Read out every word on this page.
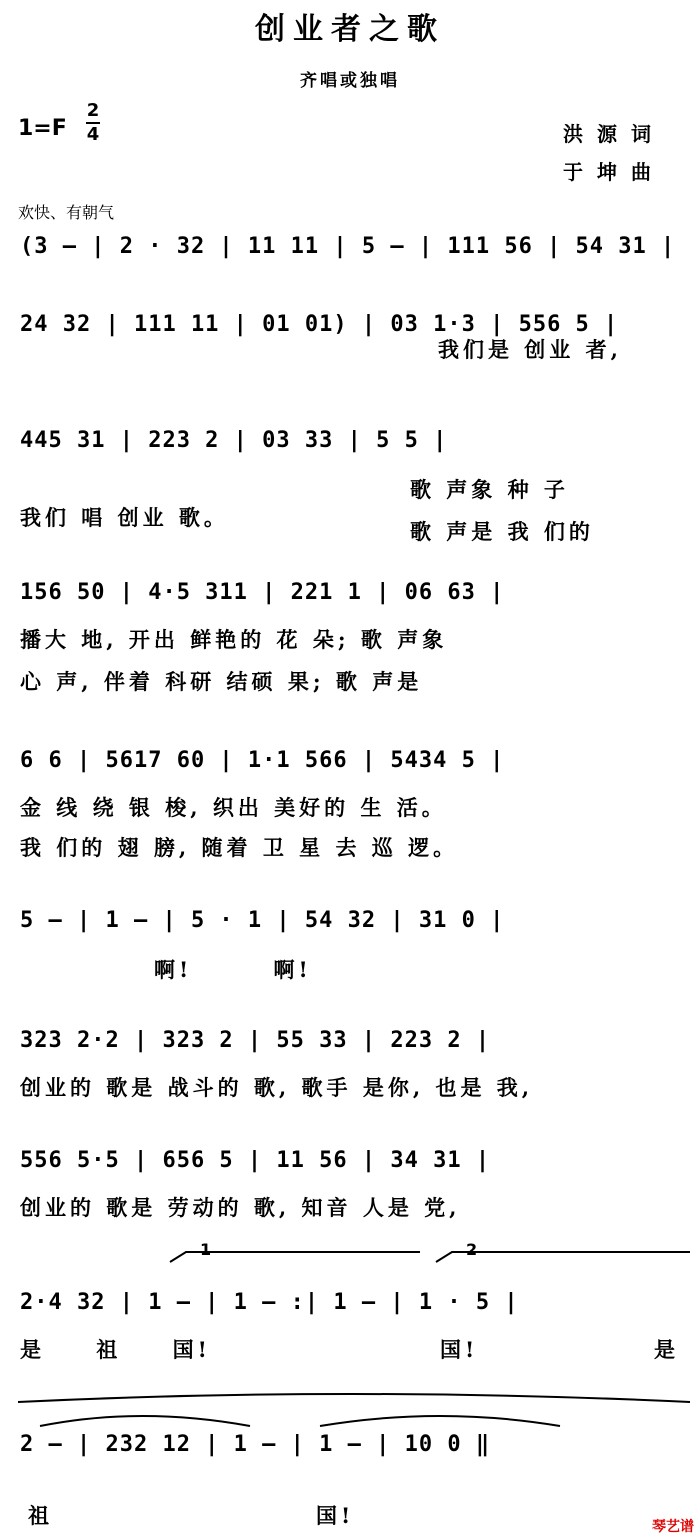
创业者之歌
齐唱或独唱
1=F
2
4	洪源词
于坤曲
欢快、有朝气
(3 — | 2 · 32 | 11 11 | 5 — | 111 56 | 54 31 |
24 32 | 111 11 | 01 01) | 03 1·3 | 556 5 |
我们是 创业 者,
445 31 | 223 2 | 03 33 | 5 5 |
我们 唱 创业 歌。
歌 声象 种 子
歌 声是 我 们的
156 50 | 4·5 311 | 221 1 | 06 63 |
播大 地, 开出 鲜艳的 花 朵; 歌 声象
心 声, 伴着 科研 结硕 果; 歌 声是
6 6 | 5617 60 | 1·1 566 | 5434 5 |
金 线 绕 银 梭, 织出 美好的 生 活。
我 们的 翅 膀, 随着 卫 星 去 巡 逻。
5 — | 1 — | 5 · 1 | 54 32 | 31 0 |
啊! 啊!
323 2·2 | 323 2 | 55 33 | 223 2 |
创业的 歌是 战斗的 歌, 歌手 是你, 也是 我,
556 5·5 | 656 5 | 11 56 | 34 31 |
创业的 歌是 劳动的 歌, 知音 人是 党,
1	2
2·4 32 | 1 — | 1 — :| 1 — | 1 · 5 |
是 祖 国!	国!	是
2 — | 232 12 | 1 — | 1 — | 10 0 ‖
祖	国!	琴艺谱
